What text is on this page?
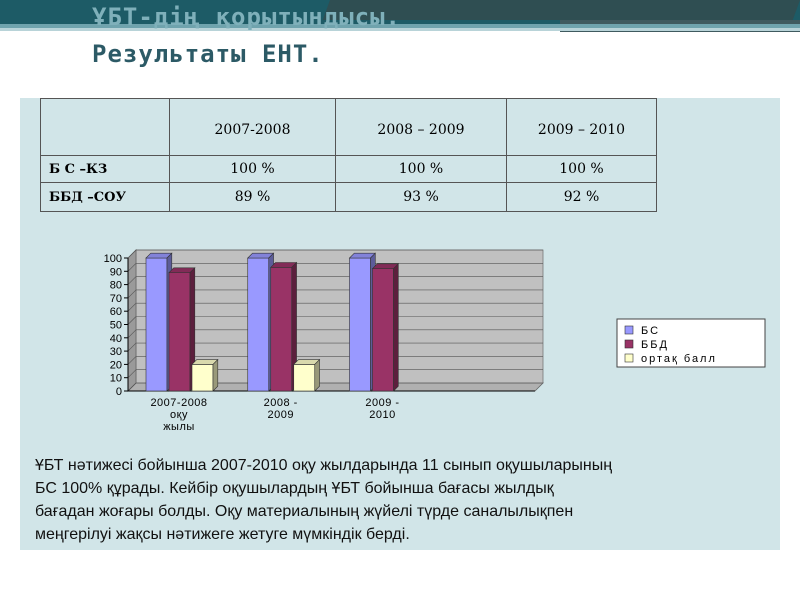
ҰБТ-дің қорытындысы.
Результаты ЕНТ.
	2007-2008	2008 – 2009	2009 – 2010
Б С –КЗ	100 %	100 %	100 %
ББД –СОУ	89 %	93 %	92 %
0
10
20
30
40
50
60
70
80
90
100
2007-2008
оқу
жылы
2008 -
2009
2009 -
2010
БС
ББД
ортақ балл
ҰБТ нәтижесі бойынша 2007-2010 оқу жылдарында 11 сынып оқушыларының
БС 100% құрады. Кейбір оқушылардың ҰБТ бойынша бағасы жылдық
бағадан жоғары болды. Оқу материалының жүйелі түрде саналылықпен
меңгерілуі жақсы нәтижеге жетуге мүмкіндік берді.
